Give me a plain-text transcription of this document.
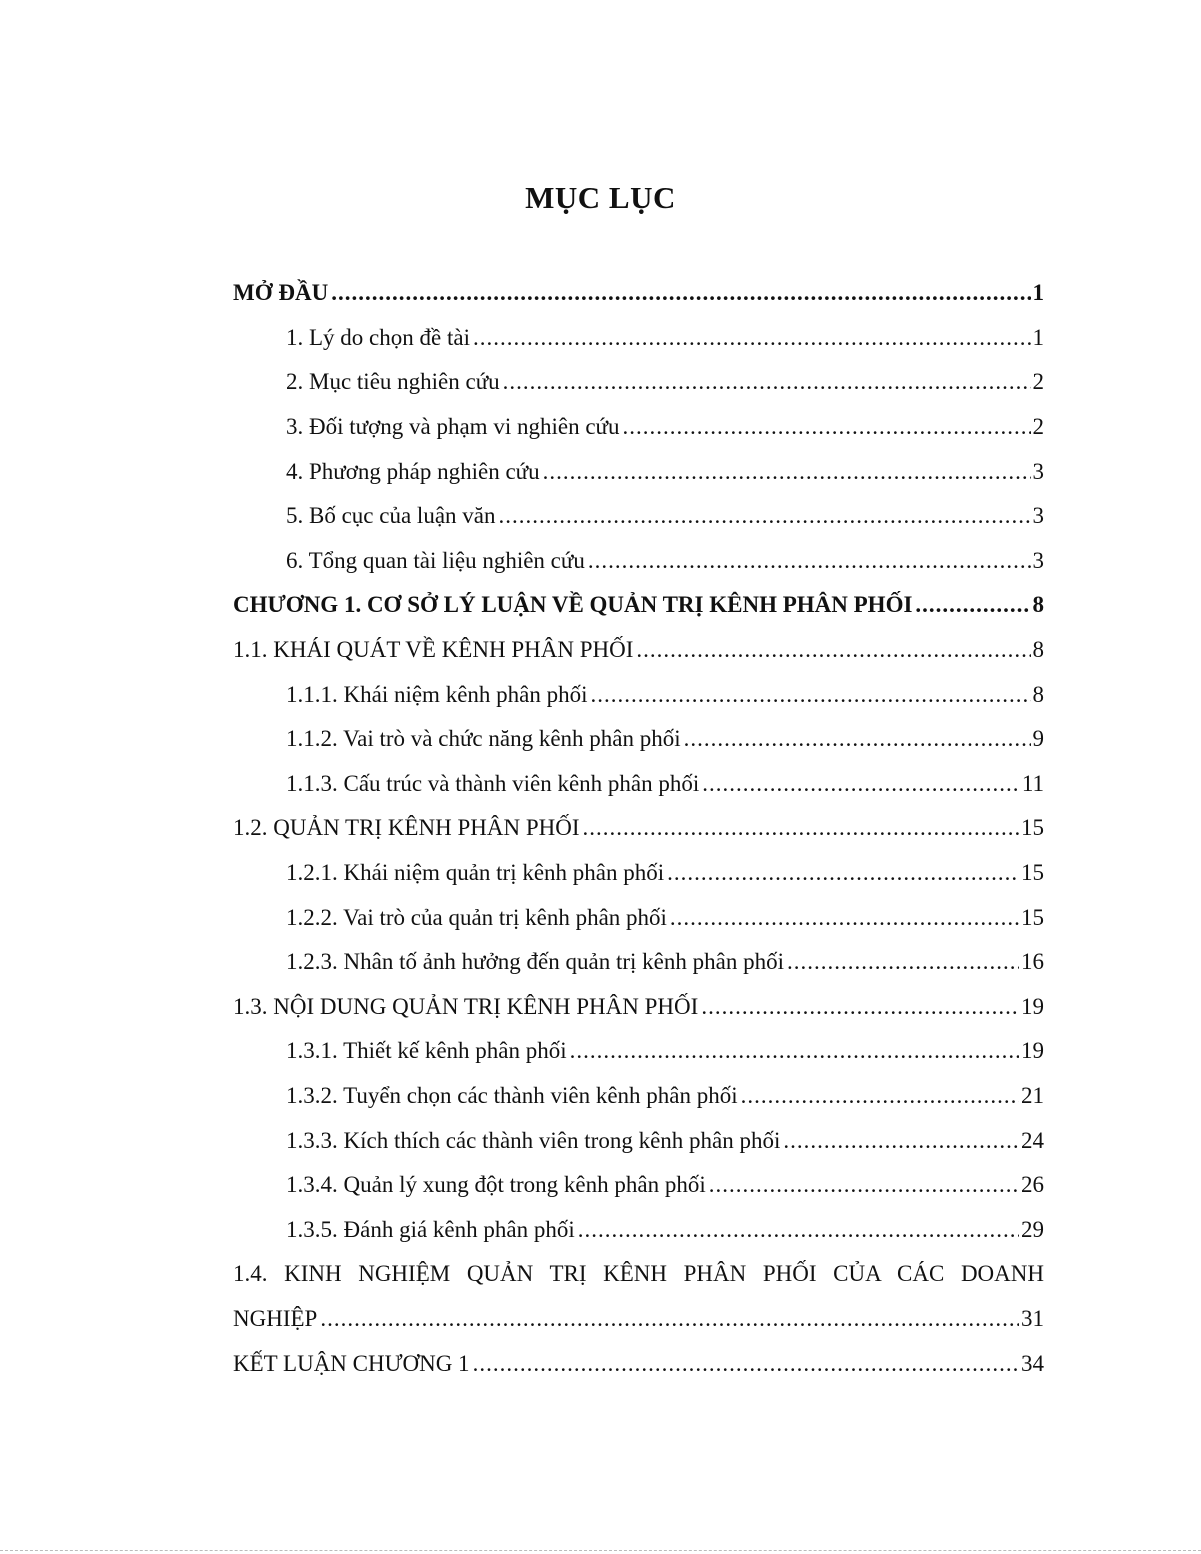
MỤC LỤC
MỞ ĐẦU .....	1
1. Lý do chọn đề tài .....	1
2. Mục tiêu nghiên cứu .....	2
3. Đối tượng và phạm vi nghiên cứu .....	2
4. Phương pháp nghiên cứu .....	3
5. Bố cục của luận văn .....	3
6. Tổng quan tài liệu nghiên cứu .....	3
CHƯƠNG 1. CƠ SỞ LÝ LUẬN VỀ QUẢN TRỊ KÊNH PHÂN PHỐI .....	8
1.1. KHÁI QUÁT VỀ KÊNH PHÂN PHỐI .....	8
1.1.1. Khái niệm kênh phân phối .....	8
1.1.2. Vai trò và chức năng kênh phân phối .....	9
1.1.3. Cấu trúc và thành viên kênh phân phối .....	11
1.2. QUẢN TRỊ KÊNH PHÂN PHỐI .....	15
1.2.1. Khái niệm quản trị kênh phân phối .....	15
1.2.2. Vai trò của quản trị kênh phân phối .....	15
1.2.3. Nhân tố ảnh hưởng đến quản trị kênh phân phối .....	16
1.3. NỘI DUNG QUẢN TRỊ KÊNH PHÂN PHỐI .....	19
1.3.1. Thiết kế kênh phân phối .....	19
1.3.2. Tuyển chọn các thành viên kênh phân phối .....	21
1.3.3. Kích thích các thành viên trong kênh phân phối .....	24
1.3.4. Quản lý xung đột trong kênh phân phối .....	26
1.3.5. Đánh giá kênh phân phối .....	29
1.4. KINH NGHIỆM QUẢN TRỊ KÊNH PHÂN PHỐI CỦA CÁC DOANH
NGHIỆP .....	31
KẾT LUẬN CHƯƠNG 1 .....	34
